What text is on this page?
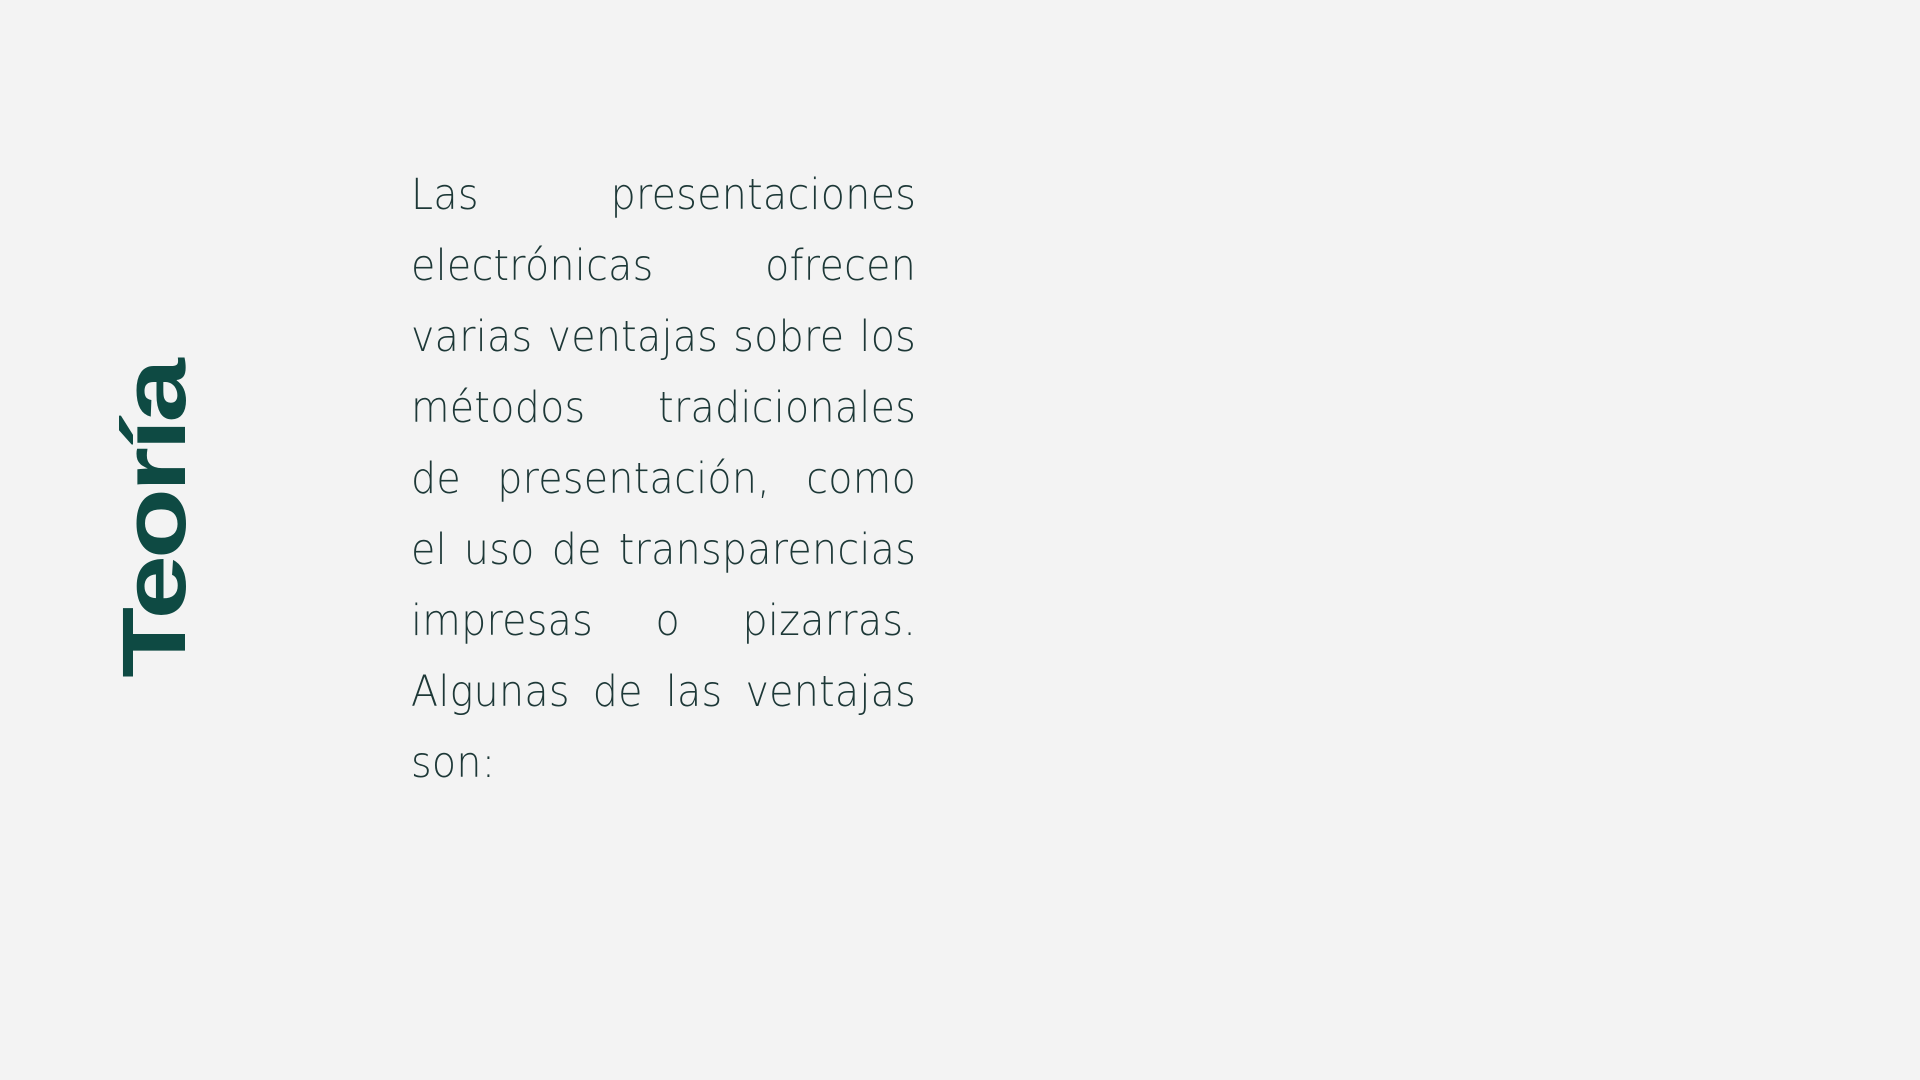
Teoría
Las presentaciones electrónicas ofrecen varias ventajas sobre los métodos tradicionales de presentación, como el uso de transparencias impresas o pizarras. Algunas de las ventajas son:
